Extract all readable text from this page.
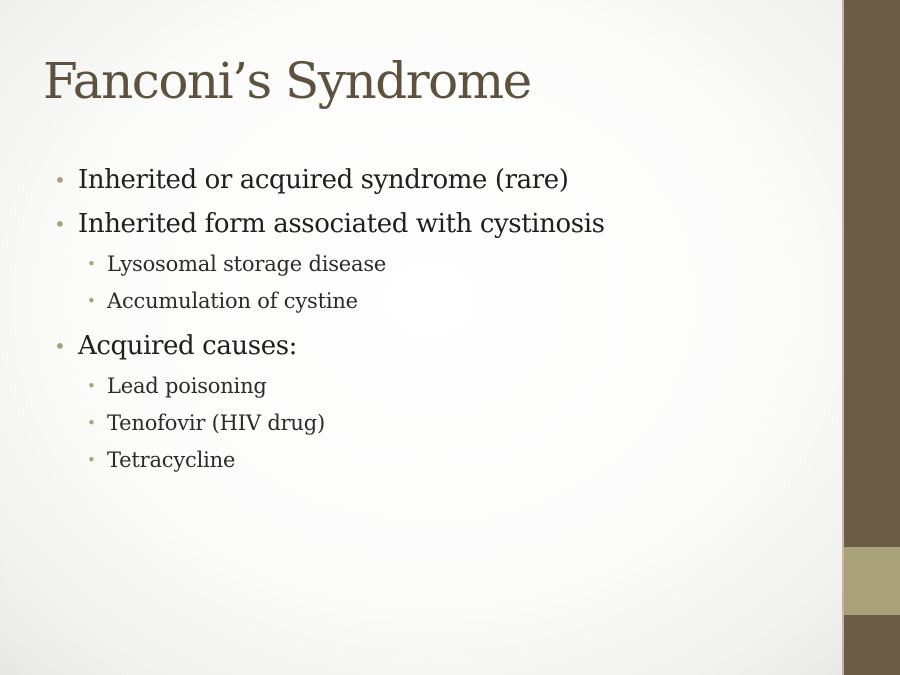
Fanconi’s Syndrome
• Inherited or acquired syndrome (rare)
• Inherited form associated with cystinosis
• Lysosomal storage disease
• Accumulation of cystine
• Acquired causes:
• Lead poisoning
• Tenofovir (HIV drug)
• Tetracycline
